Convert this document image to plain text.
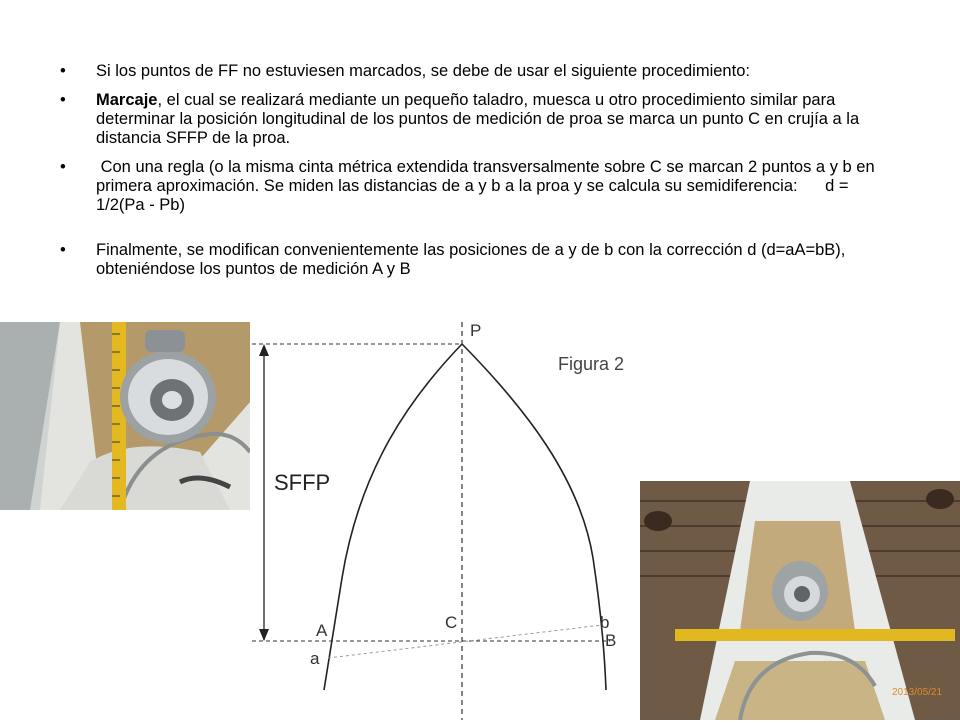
• Si los puntos de FF no estuviesen marcados, se debe de usar el siguiente procedimiento:
• Marcaje, el cual se realizará mediante un pequeño taladro, muesca u otro procedimiento similar para determinar la posición longitudinal de los puntos de medición de proa se marca un punto C en crujía a la distancia SFFP de la proa.
• Con una regla (o la misma cinta métrica extendida transversalmente sobre C se marcan 2 puntos a y b en primera aproximación. Se miden las distancias de a y b a la proa y se calcula su semidiferencia:      d = 1/2(Pa - Pb)
• Finalmente, se modifican convenientemente las posiciones de a y de b con la corrección d (d=aA=bB), obteniéndose los puntos de medición A y B
P
Figura 2
SFFP
A	C	b
B
a
2013/05/21
